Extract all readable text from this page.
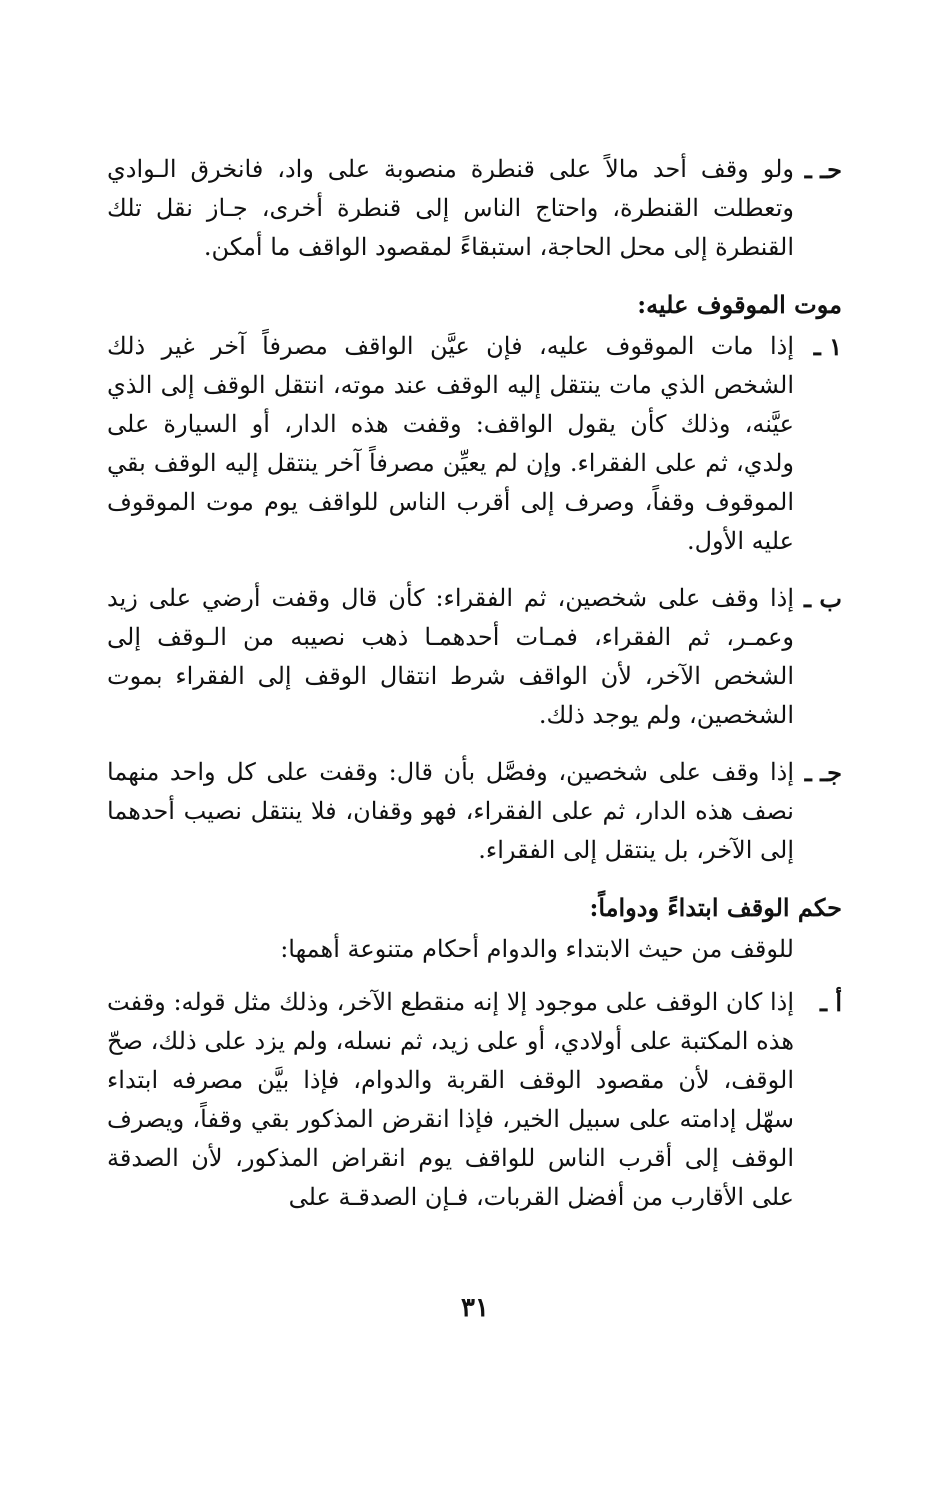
حـ ـ
ولو وقف أحد مالاً على قنطرة منصوبة على واد، فانخرق الـوادي وتعطلت القنطرة، واحتاج الناس إلى قنطرة أخرى، جـاز نقل تلك القنطرة إلى محل الحاجة، استبقاءً لمقصود الواقف ما أمكن.
موت الموقوف عليه:
١ ـ
إذا مات الموقوف عليه، فإن عيَّن الواقف مصرفاً آخر غير ذلك الشخص الذي مات ينتقل إليه الوقف عند موته، انتقل الوقف إلى الذي عيَّنه، وذلك كأن يقول الواقف: وقفت هذه الدار، أو السيارة على ولدي، ثم على الفقراء. وإن لم يعيِّن مصرفاً آخر ينتقل إليه الوقف بقي الموقوف وقفاً، وصرف إلى أقرب الناس للواقف يوم موت الموقوف عليه الأول.
ب ـ
إذا وقف على شخصين، ثم الفقراء: كأن قال وقفت أرضي على زيد وعمـر، ثم الفقراء، فمـات أحدهمـا ذهب نصيبه من الـوقف إلى الشخص الآخر، لأن الواقف شرط انتقال الوقف إلى الفقراء بموت الشخصين، ولم يوجد ذلك.
جـ ـ
إذا وقف على شخصين، وفصَّل بأن قال: وقفت على كل واحد منهما نصف هذه الدار، ثم على الفقراء، فهو وقفان، فلا ينتقل نصيب أحدهما إلى الآخر، بل ينتقل إلى الفقراء.
حكم الوقف ابتداءً ودواماً:
للوقف من حيث الابتداء والدوام أحكام متنوعة أهمها:
أ ـ
إذا كان الوقف على موجود إلا إنه منقطع الآخر، وذلك مثل قوله: وقفت هذه المكتبة على أولادي، أو على زيد، ثم نسله، ولم يزد على ذلك، صحّ الوقف، لأن مقصود الوقف القربة والدوام، فإذا بيَّن مصرفه ابتداء سهّل إدامته على سبيل الخير، فإذا انقرض المذكور بقي وقفاً، ويصرف الوقف إلى أقرب الناس للواقف يوم انقراض المذكور، لأن الصدقة على الأقارب من أفضل القربات، فـإن الصدقـة على
٣١
